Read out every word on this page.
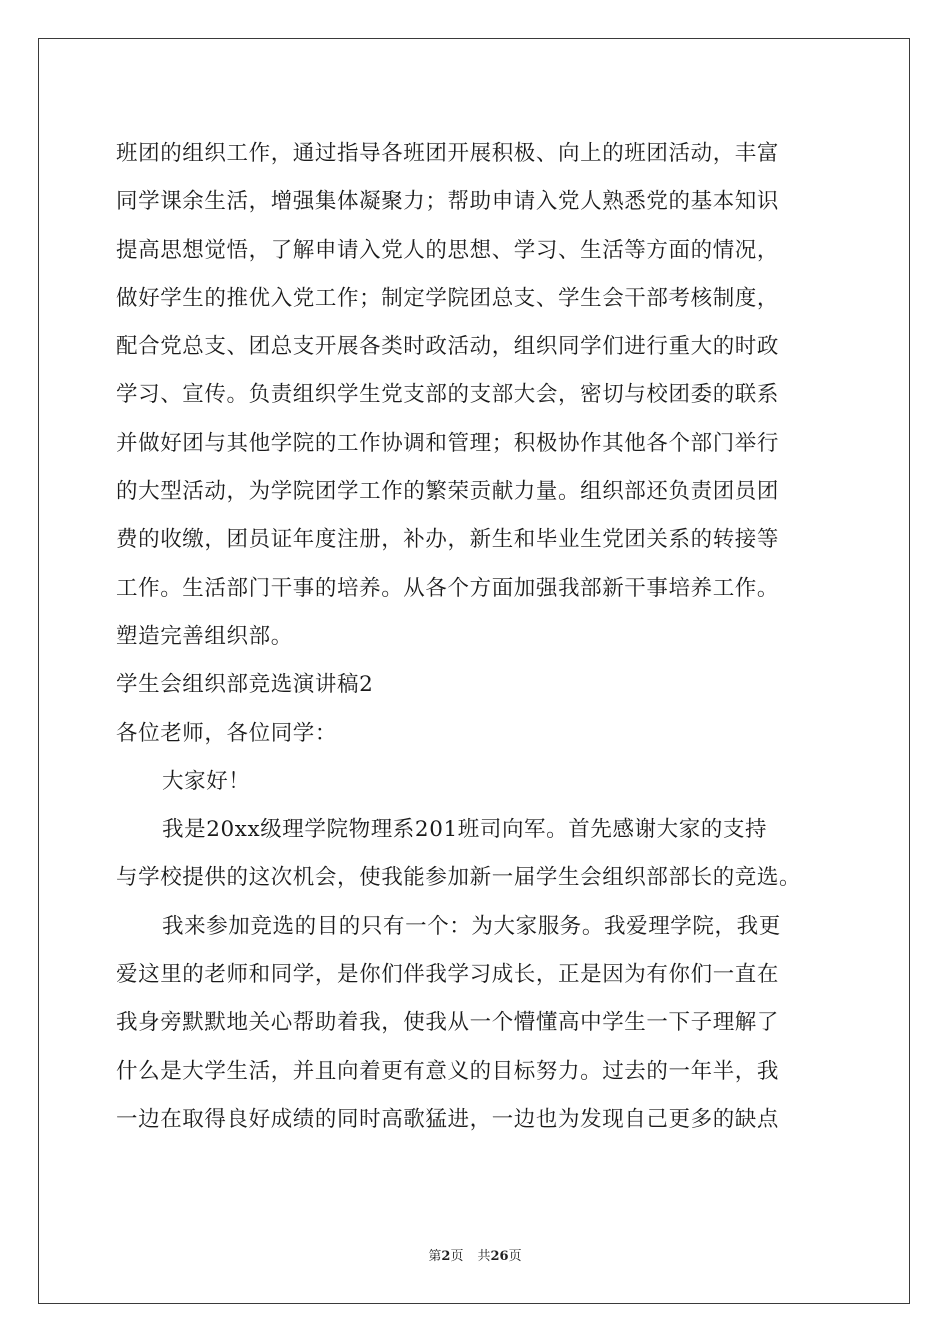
班团的组织工作，通过指导各班团开展积极、向上的班团活动，丰富
同学课余生活，增强集体凝聚力；帮助申请入党人熟悉党的基本知识
提高思想觉悟，了解申请入党人的思想、学习、生活等方面的情况，
做好学生的推优入党工作；制定学院团总支、学生会干部考核制度，
配合党总支、团总支开展各类时政活动，组织同学们进行重大的时政
学习、宣传。负责组织学生党支部的支部大会，密切与校团委的联系
并做好团与其他学院的工作协调和管理；积极协作其他各个部门举行
的大型活动，为学院团学工作的繁荣贡献力量。组织部还负责团员团
费的收缴，团员证年度注册，补办，新生和毕业生党团关系的转接等
工作。生活部门干事的培养。从各个方面加强我部新干事培养工作。
塑造完善组织部。
学生会组织部竞选演讲稿2
各位老师，各位同学：
大家好！
我是20xx级理学院物理系201班司向军。首先感谢大家的支持
与学校提供的这次机会，使我能参加新一届学生会组织部部长的竞选。
我来参加竞选的目的只有一个：为大家服务。我爱理学院，我更
爱这里的老师和同学，是你们伴我学习成长，正是因为有你们一直在
我身旁默默地关心帮助着我，使我从一个懵懂高中学生一下子理解了
什么是大学生活，并且向着更有意义的目标努力。过去的一年半，我
一边在取得良好成绩的同时高歌猛进，一边也为发现自己更多的缺点
第2页 共26页
